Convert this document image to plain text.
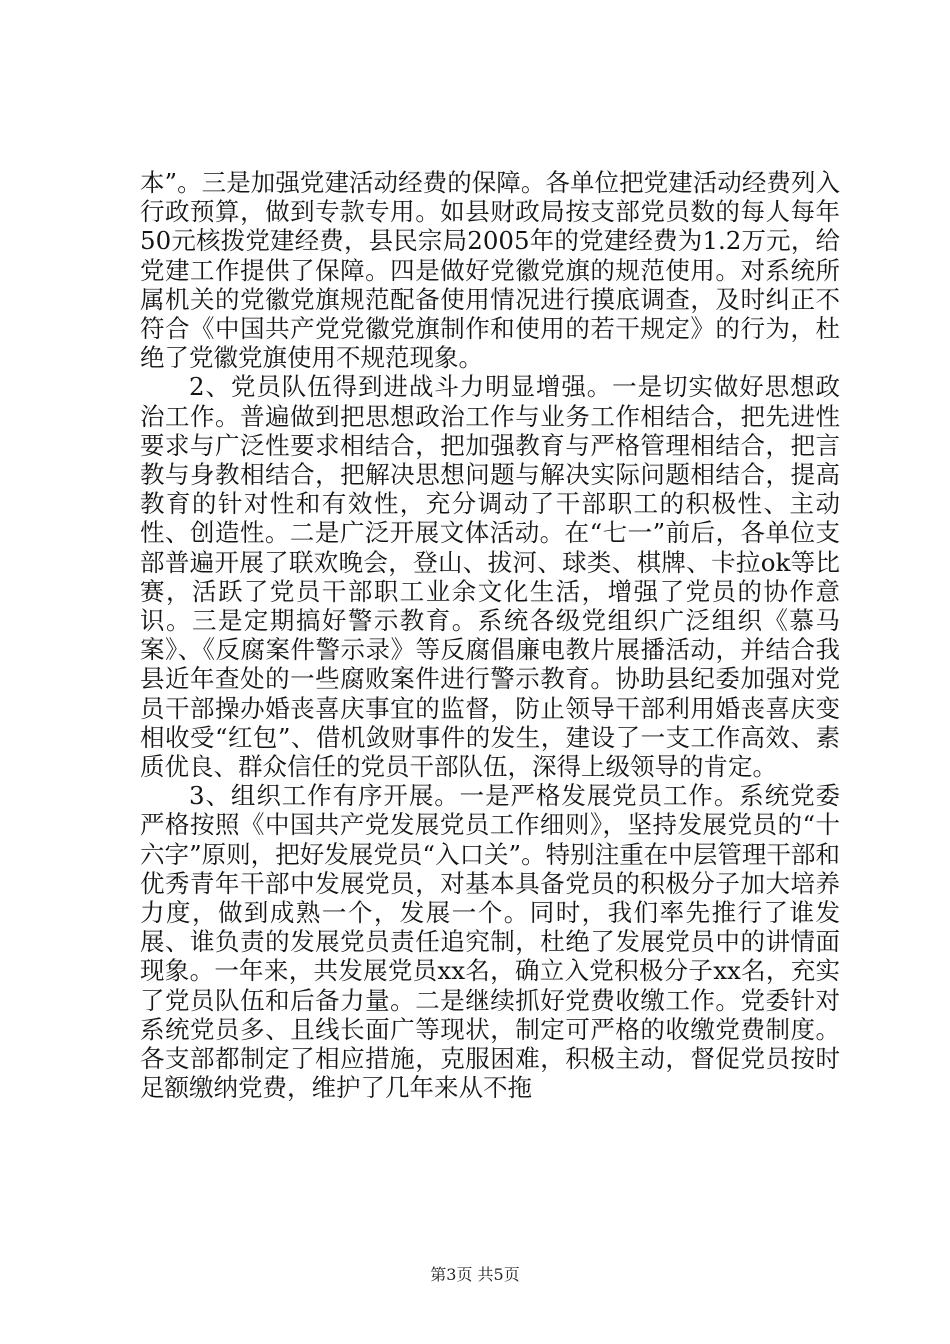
本”。三是加强党建活动经费的保障。各单位把党建活动经费列入行政预算，做到专款专用。如县财政局按支部党员数的每人每年50元核拨党建经费，县民宗局2005年的党建经费为1.2万元，给党建工作提供了保障。四是做好党徽党旗的规范使用。对系统所属机关的党徽党旗规范配备使用情况进行摸底调查，及时纠正不符合《中国共产党党徽党旗制作和使用的若干规定》的行为，杜绝了党徽党旗使用不规范现象。

2、党员队伍得到进战斗力明显增强。一是切实做好思想政治工作。普遍做到把思想政治工作与业务工作相结合，把先进性要求与广泛性要求相结合，把加强教育与严格管理相结合，把言教与身教相结合，把解决思想问题与解决实际问题相结合，提高教育的针对性和有效性，充分调动了干部职工的积极性、主动性、创造性。二是广泛开展文体活动。在“七一”前后，各单位支部普遍开展了联欢晚会，登山、拔河、球类、棋牌、卡拉ok等比赛，活跃了党员干部职工业余文化生活，增强了党员的协作意识。三是定期搞好警示教育。系统各级党组织广泛组织《慕马案》、《反腐案件警示录》等反腐倡廉电教片展播活动，并结合我县近年查处的一些腐败案件进行警示教育。协助县纪委加强对党员干部操办婚丧喜庆事宜的监督，防止领导干部利用婚丧喜庆变相收受“红包”、借机敛财事件的发生，建设了一支工作高效、素质优良、群众信任的党员干部队伍，深得上级领导的肯定。

3、组织工作有序开展。一是严格发展党员工作。系统党委严格按照《中国共产党发展党员工作细则》，坚持发展党员的“十六字”原则，把好发展党员“入口关”。特别注重在中层管理干部和优秀青年干部中发展党员，对基本具备党员的积极分子加大培养力度，做到成熟一个，发展一个。同时，我们率先推行了谁发展、谁负责的发展党员责任追究制，杜绝了发展党员中的讲情面现象。一年来，共发展党员xx名，确立入党积极分子xx名，充实了党员队伍和后备力量。二是继续抓好党费收缴工作。党委针对系统党员多、且线长面广等现状，制定可严格的收缴党费制度。各支部都制定了相应措施，克服困难，积极主动，督促党员按时足额缴纳党费，维护了几年来从不拖

第3页 共5页
